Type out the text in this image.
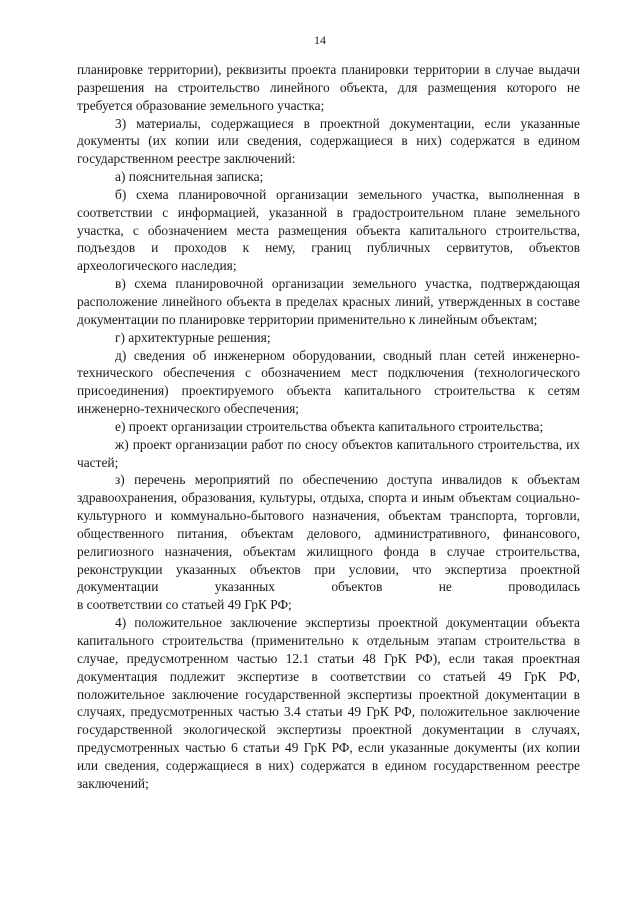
14

планировке территории), реквизиты проекта планировки территории в случае выдачи разрешения на строительство линейного объекта, для размещения которого не требуется образование земельного участка;

3) материалы, содержащиеся в проектной документации, если указанные документы (их копии или сведения, содержащиеся в них) содержатся в едином государственном реестре заключений:

а) пояснительная записка;

б) схема планировочной организации земельного участка, выполненная в соответствии с информацией, указанной в градостроительном плане земельного участка, с обозначением места размещения объекта капитального строительства, подъездов и проходов к нему, границ публичных сервитутов, объектов археологического наследия;

в) схема планировочной организации земельного участка, подтверждающая расположение линейного объекта в пределах красных линий, утвержденных в составе документации по планировке территории применительно к линейным объектам;

г) архитектурные решения;

д) сведения об инженерном оборудовании, сводный план сетей инженерно-технического обеспечения с обозначением мест подключения (технологического присоединения) проектируемого объекта капитального строительства к сетям инженерно-технического обеспечения;

е) проект организации строительства объекта капитального строительства;

ж) проект организации работ по сносу объектов капитального строительства, их частей;

з) перечень мероприятий по обеспечению доступа инвалидов к объектам здравоохранения, образования, культуры, отдыха, спорта и иным объектам социально-культурного и коммунально-бытового назначения, объектам транспорта, торговли, общественного питания, объектам делового, административного, финансового, религиозного назначения, объектам жилищного фонда в случае строительства, реконструкции указанных объектов при условии, что экспертиза проектной документации указанных объектов не проводилась

в соответствии со статьей 49 ГрК РФ;

4) положительное заключение экспертизы проектной документации объекта капитального строительства (применительно к отдельным этапам строительства в случае, предусмотренном частью 12.1 статьи 48 ГрК РФ), если такая проектная документация подлежит экспертизе в соответствии со статьей 49 ГрК РФ, положительное заключение государственной экспертизы проектной документации в случаях, предусмотренных частью 3.4 статьи 49 ГрК РФ, положительное заключение государственной экологической экспертизы проектной документации в случаях, предусмотренных частью 6 статьи 49 ГрК РФ, если указанные документы (их копии или сведения, содержащиеся в них) содержатся в едином государственном реестре заключений;
